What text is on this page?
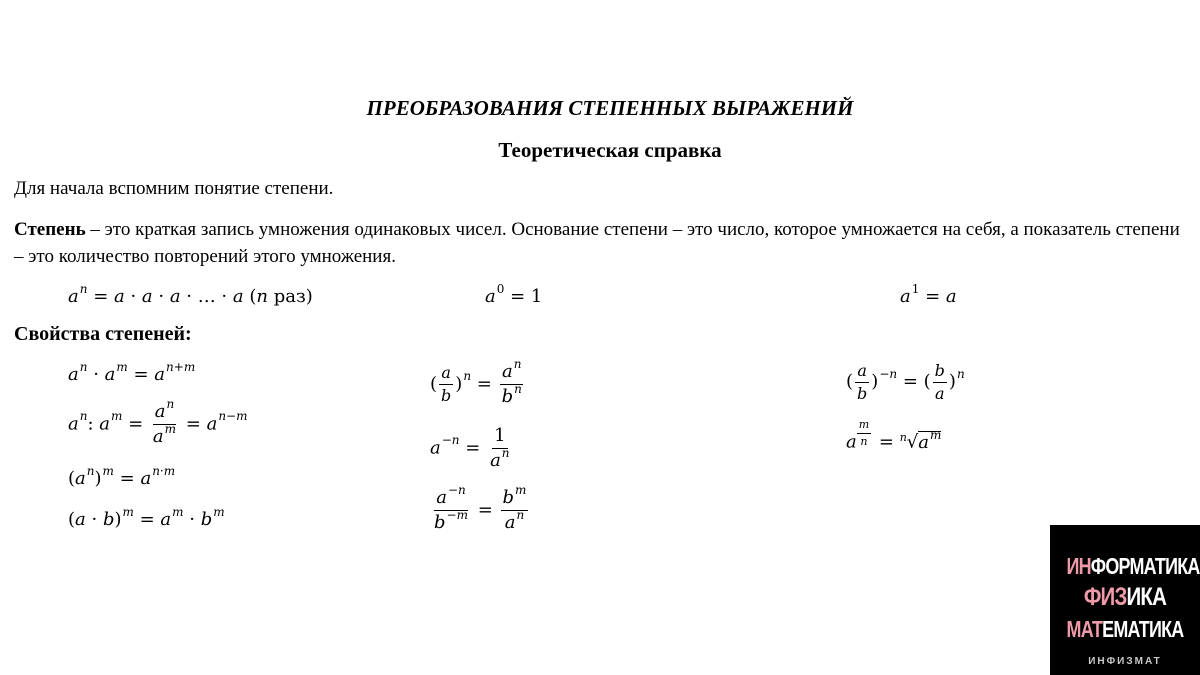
ПРЕОБРАЗОВАНИЯ СТЕПЕННЫХ ВЫРАЖЕНИЙ
Теоретическая справка
Для начала вспомним понятие степени.
Степень – это краткая запись умножения одинаковых чисел. Основание степени – это число, которое умножается на себя, а показатель степени – это количество повторений этого умножения.
$a^n = a \cdot a \cdot a$ · … · a (n раз)	$a^0 = 1$	$a^1 = a$
Свойства степеней:
$a^n \cdot a^m = a^{n+m}$
$a^n$: $a^m = \frac{a^n}{a^m} = a^{n-m}$
$(a^n)^m = a^{n\cdot m}$
$(a \cdot b)^m = a^m \cdot b^m$
( $\frac{a}{b} )^n = \frac{a^n}{b^n}$
$a^{-n} = \frac{1}{a^n}$
$\frac{a^{-n}}{b^{-m}} = \frac{b^m}{a^n}$
( $\frac{a}{b} )^{-n}$ = ( $\frac{b}{a} )^n$
a $\frac{m}{n} = ^n√a^m$
ИНФОРМАТИКА
ФИЗИКА
МАТЕМАТИКА
ИНФИЗМАТ
